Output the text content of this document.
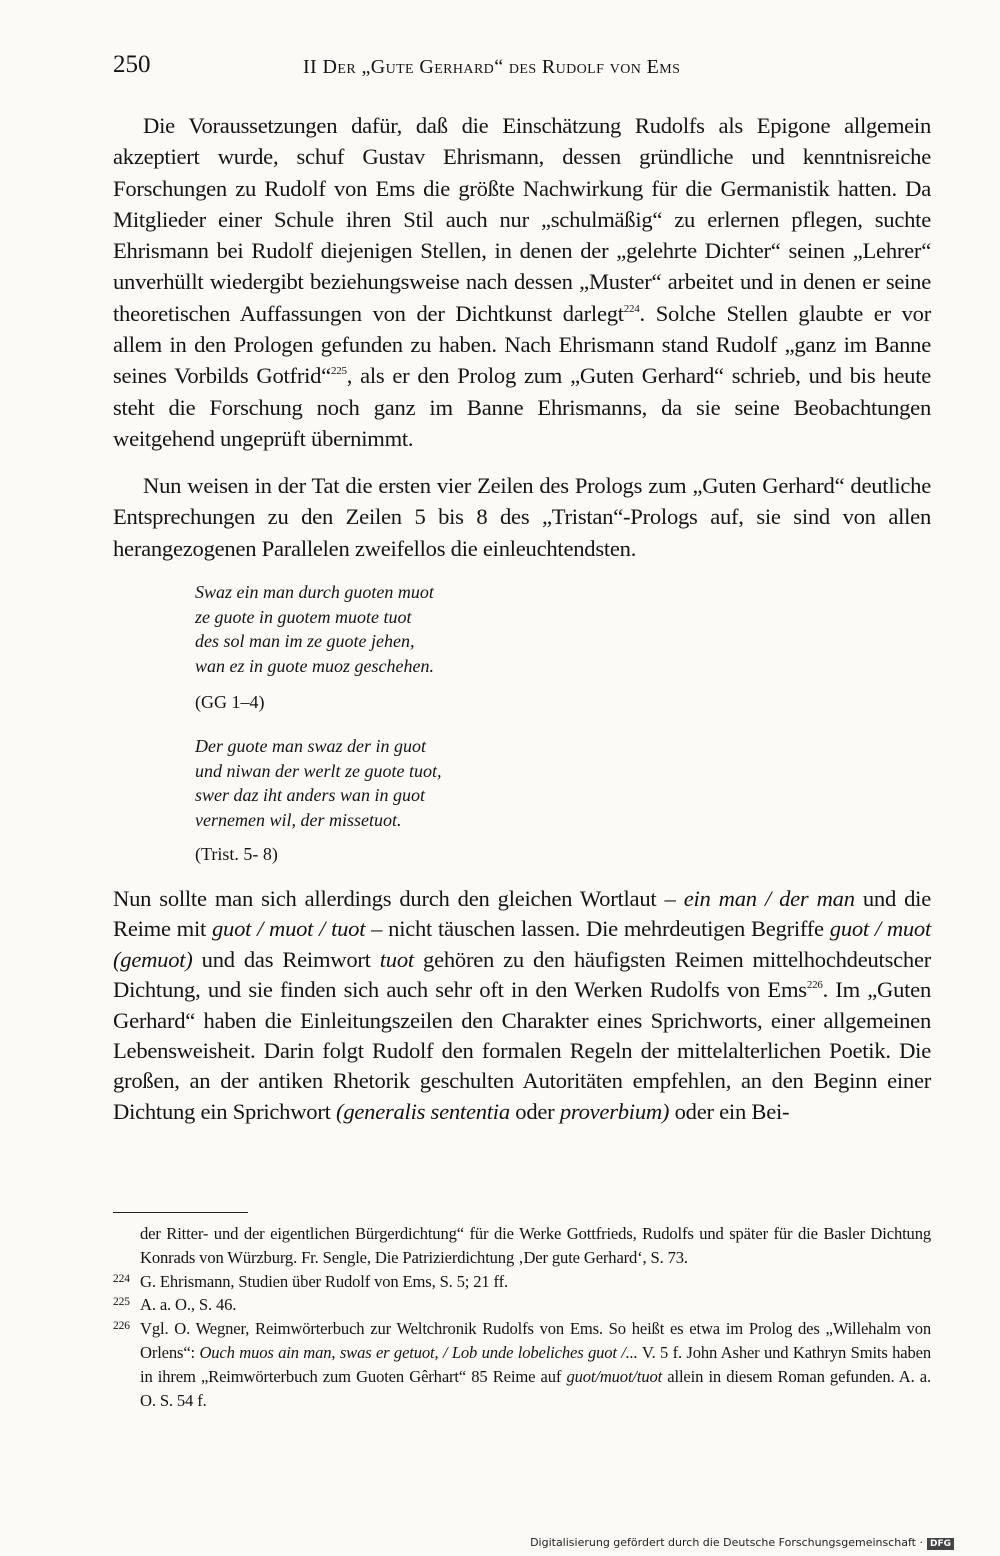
250	II Der „Gute Gerhard“ des Rudolf von Ems

Die Voraussetzungen dafür, daß die Einschätzung Rudolfs als Epigone allgemein akzeptiert wurde, schuf Gustav Ehrismann, dessen gründliche und kenntnisreiche Forschungen zu Rudolf von Ems die größte Nachwirkung für die Germanistik hatten. Da Mitglieder einer Schule ihren Stil auch nur „schulmäßig“ zu erlernen pflegen, suchte Ehrismann bei Rudolf diejenigen Stellen, in denen der „gelehrte Dichter“ seinen „Lehrer“ unverhüllt wiedergibt beziehungsweise nach dessen „Muster“ arbeitet und in denen er seine theoretischen Auffassungen von der Dichtkunst darlegt$^{224}$. Solche Stellen glaubte er vor allem in den Prologen gefunden zu haben. Nach Ehrismann stand Rudolf „ganz im Banne seines Vorbilds Gotfrid“$^{225}$, als er den Prolog zum „Guten Gerhard“ schrieb, und bis heute steht die Forschung noch ganz im Banne Ehrismanns, da sie seine Beobachtungen weitgehend ungeprüft übernimmt.

Nun weisen in der Tat die ersten vier Zeilen des Prologs zum „Guten Gerhard“ deutliche Entsprechungen zu den Zeilen 5 bis 8 des „Tristan“-Prologs auf, sie sind von allen herangezogenen Parallelen zweifellos die einleuchtendsten.

Swaz ein man durch guoten muot
ze guote in guotem muote tuot
des sol man im ze guote jehen,
wan ez in guote muoz geschehen.
(GG 1–4)
Der guote man swaz der in guot
und niwan der werlt ze guote tuot,
swer daz iht anders wan in guot
vernemen wil, der missetuot.
(Trist. 5- 8)

Nun sollte man sich allerdings durch den gleichen Wortlaut – ein man / der man und die Reime mit guot / muot / tuot – nicht täuschen lassen. Die mehrdeutigen Begriffe guot / muot (gemuot) und das Reimwort tuot gehören zu den häufigsten Reimen mittelhochdeutscher Dichtung, und sie finden sich auch sehr oft in den Werken Rudolfs von Ems$^{226}$. Im „Guten Gerhard“ haben die Einleitungszeilen den Charakter eines Sprichworts, einer allgemeinen Lebensweisheit. Darin folgt Rudolf den formalen Regeln der mittelalterlichen Poetik. Die großen, an der antiken Rhetorik geschulten Autoritäten empfehlen, an den Beginn einer Dichtung ein Sprichwort (generalis sententia oder proverbium) oder ein Bei-

der Ritter- und der eigentlichen Bürgerdichtung“ für die Werke Gottfrieds, Rudolfs und später für die Basler Dichtung Konrads von Würzburg. Fr. Sengle, Die Patrizierdichtung ‚Der gute Gerhard‘, S. 73.
224 G. Ehrismann, Studien über Rudolf von Ems, S. 5; 21 ff.
225 A. a. O., S. 46.
226 Vgl. O. Wegner, Reimwörterbuch zur Weltchronik Rudolfs von Ems. So heißt es etwa im Prolog des „Willehalm von Orlens“: Ouch muos ain man, swas er getuot, / Lob unde lobeliches guot /... V. 5 f. John Asher und Kathryn Smits haben in ihrem „Reimwörterbuch zum Guoten Gêrhart“ 85 Reime auf guot/muot/tuot allein in diesem Roman gefunden. A. a. O. S. 54 f.
Digitalisierung gefördert durch die Deutsche Forschungsgemeinschaft · DFG
